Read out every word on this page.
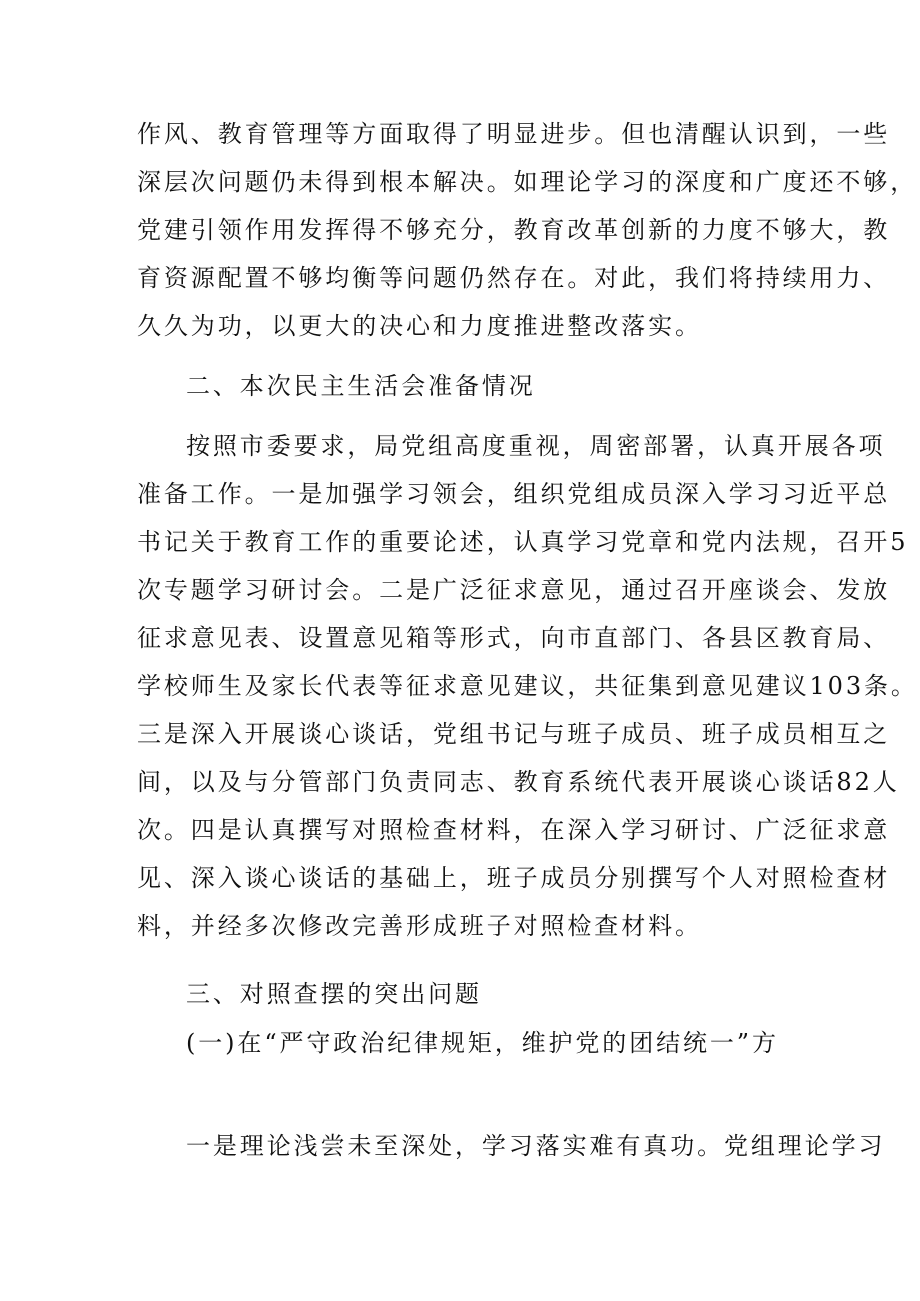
作风、教育管理等方面取得了明显进步。但也清醒认识到，一些
深层次问题仍未得到根本解决。如理论学习的深度和广度还不够，
党建引领作用发挥得不够充分，教育改革创新的力度不够大，教
育资源配置不够均衡等问题仍然存在。对此，我们将持续用力、
久久为功，以更大的决心和力度推进整改落实。
二、本次民主生活会准备情况
按照市委要求，局党组高度重视，周密部署，认真开展各项
准备工作。一是加强学习领会，组织党组成员深入学习习近平总
书记关于教育工作的重要论述，认真学习党章和党内法规，召开5
次专题学习研讨会。二是广泛征求意见，通过召开座谈会、发放
征求意见表、设置意见箱等形式，向市直部门、各县区教育局、
学校师生及家长代表等征求意见建议，共征集到意见建议103条。
三是深入开展谈心谈话，党组书记与班子成员、班子成员相互之
间，以及与分管部门负责同志、教育系统代表开展谈心谈话82人
次。四是认真撰写对照检查材料，在深入学习研讨、广泛征求意
见、深入谈心谈话的基础上，班子成员分别撰写个人对照检查材
料，并经多次修改完善形成班子对照检查材料。
三、对照查摆的突出问题
(一)在“严守政治纪律规矩，维护党的团结统一”方
一是理论浅尝未至深处，学习落实难有真功。党组理论学习
